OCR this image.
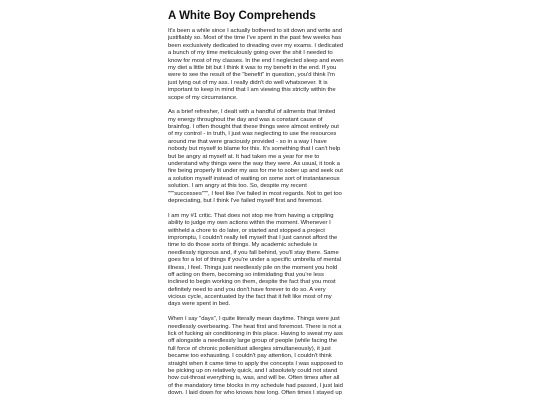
A White Boy Comprehends
It's been a while since I actually bothered to sit down and write and
justifiably so. Most of the time I've spent in the past few weeks has
been exclusively dedicated to dreading over my exams. I dedicated
a bunch of my time meticulously going over the shit I needed to
know for most of my classes. In the end I neglected sleep and even
my diet a little bit but I think it was to my benefit in the end. If you
were to see the result of the "benefit" in question, you'd think I'm
just lying out of my ass. I really didn't do well whatsoever. It is
important to keep in mind that I am viewing this strictly within the
scope of my circumstance.
As a brief refresher, I dealt with a handful of ailments that limited
my energy throughout the day and was a constant cause of
brainfog. I often thought that these things were almost entirely out
of my control - in truth, I just was neglecting to use the resources
around me that were graciously provided - so in a way I have
nobody but myself to blame for this. It's something that I can't help
but be angry at myself at. It had taken me a year for me to
understand why things were the way they were. As usual, it took a
fire being properly lit under my ass for me to sober up and seek out
a solution myself instead of waiting on some sort of instantaneous
solution. I am angry at this too. So, despite my recent
"""successes""", I feel like I've failed in most regards. Not to get too
depreciating, but I think I've failed myself first and foremost.
I am my #1 critic. That does not stop me from having a crippling
ability to judge my own actions within the moment. Whenever I
withheld a chore to do later, or started and stopped a project
impromptu, I couldn't really tell myself that I just cannot afford the
time to do those sorts of things. My academic schedule is
needlessly rigorous and, if you fall behind, you'll stay there. Same
goes for a lot of things if you're under a specific umbrella of mental
illness, I feel. Things just needlessly pile on the moment you hold
off acting on them, becoming so intimidating that you're less
inclined to begin working on them, despite the fact that you most
definitely need to and you don't have forever to do so. A very
vicious cycle, accentuated by the fact that it felt like most of my
days were spent in bed.
When I say "days", I quite literally mean daytime. Things were just
needlessly overbearing. The heat first and foremost. There is not a
lick of fucking air conditioning in this place. Having to sweat my ass
off alongside a needlessly large group of people (while facing the
full force of chronic pollen/dust allergies simultaneously), it just
became too exhausting. I couldn't pay attention, I couldn't think
straight when it came time to apply the concepts I was supposed to
be picking up on relatively quick, and I absolutely could not stand
how cut-throat everything is, was, and will be. Often times after all
of the mandatory time blocks in my schedule had passed, I just laid
down. I laid down for who knows how long. Often times I stayed up
